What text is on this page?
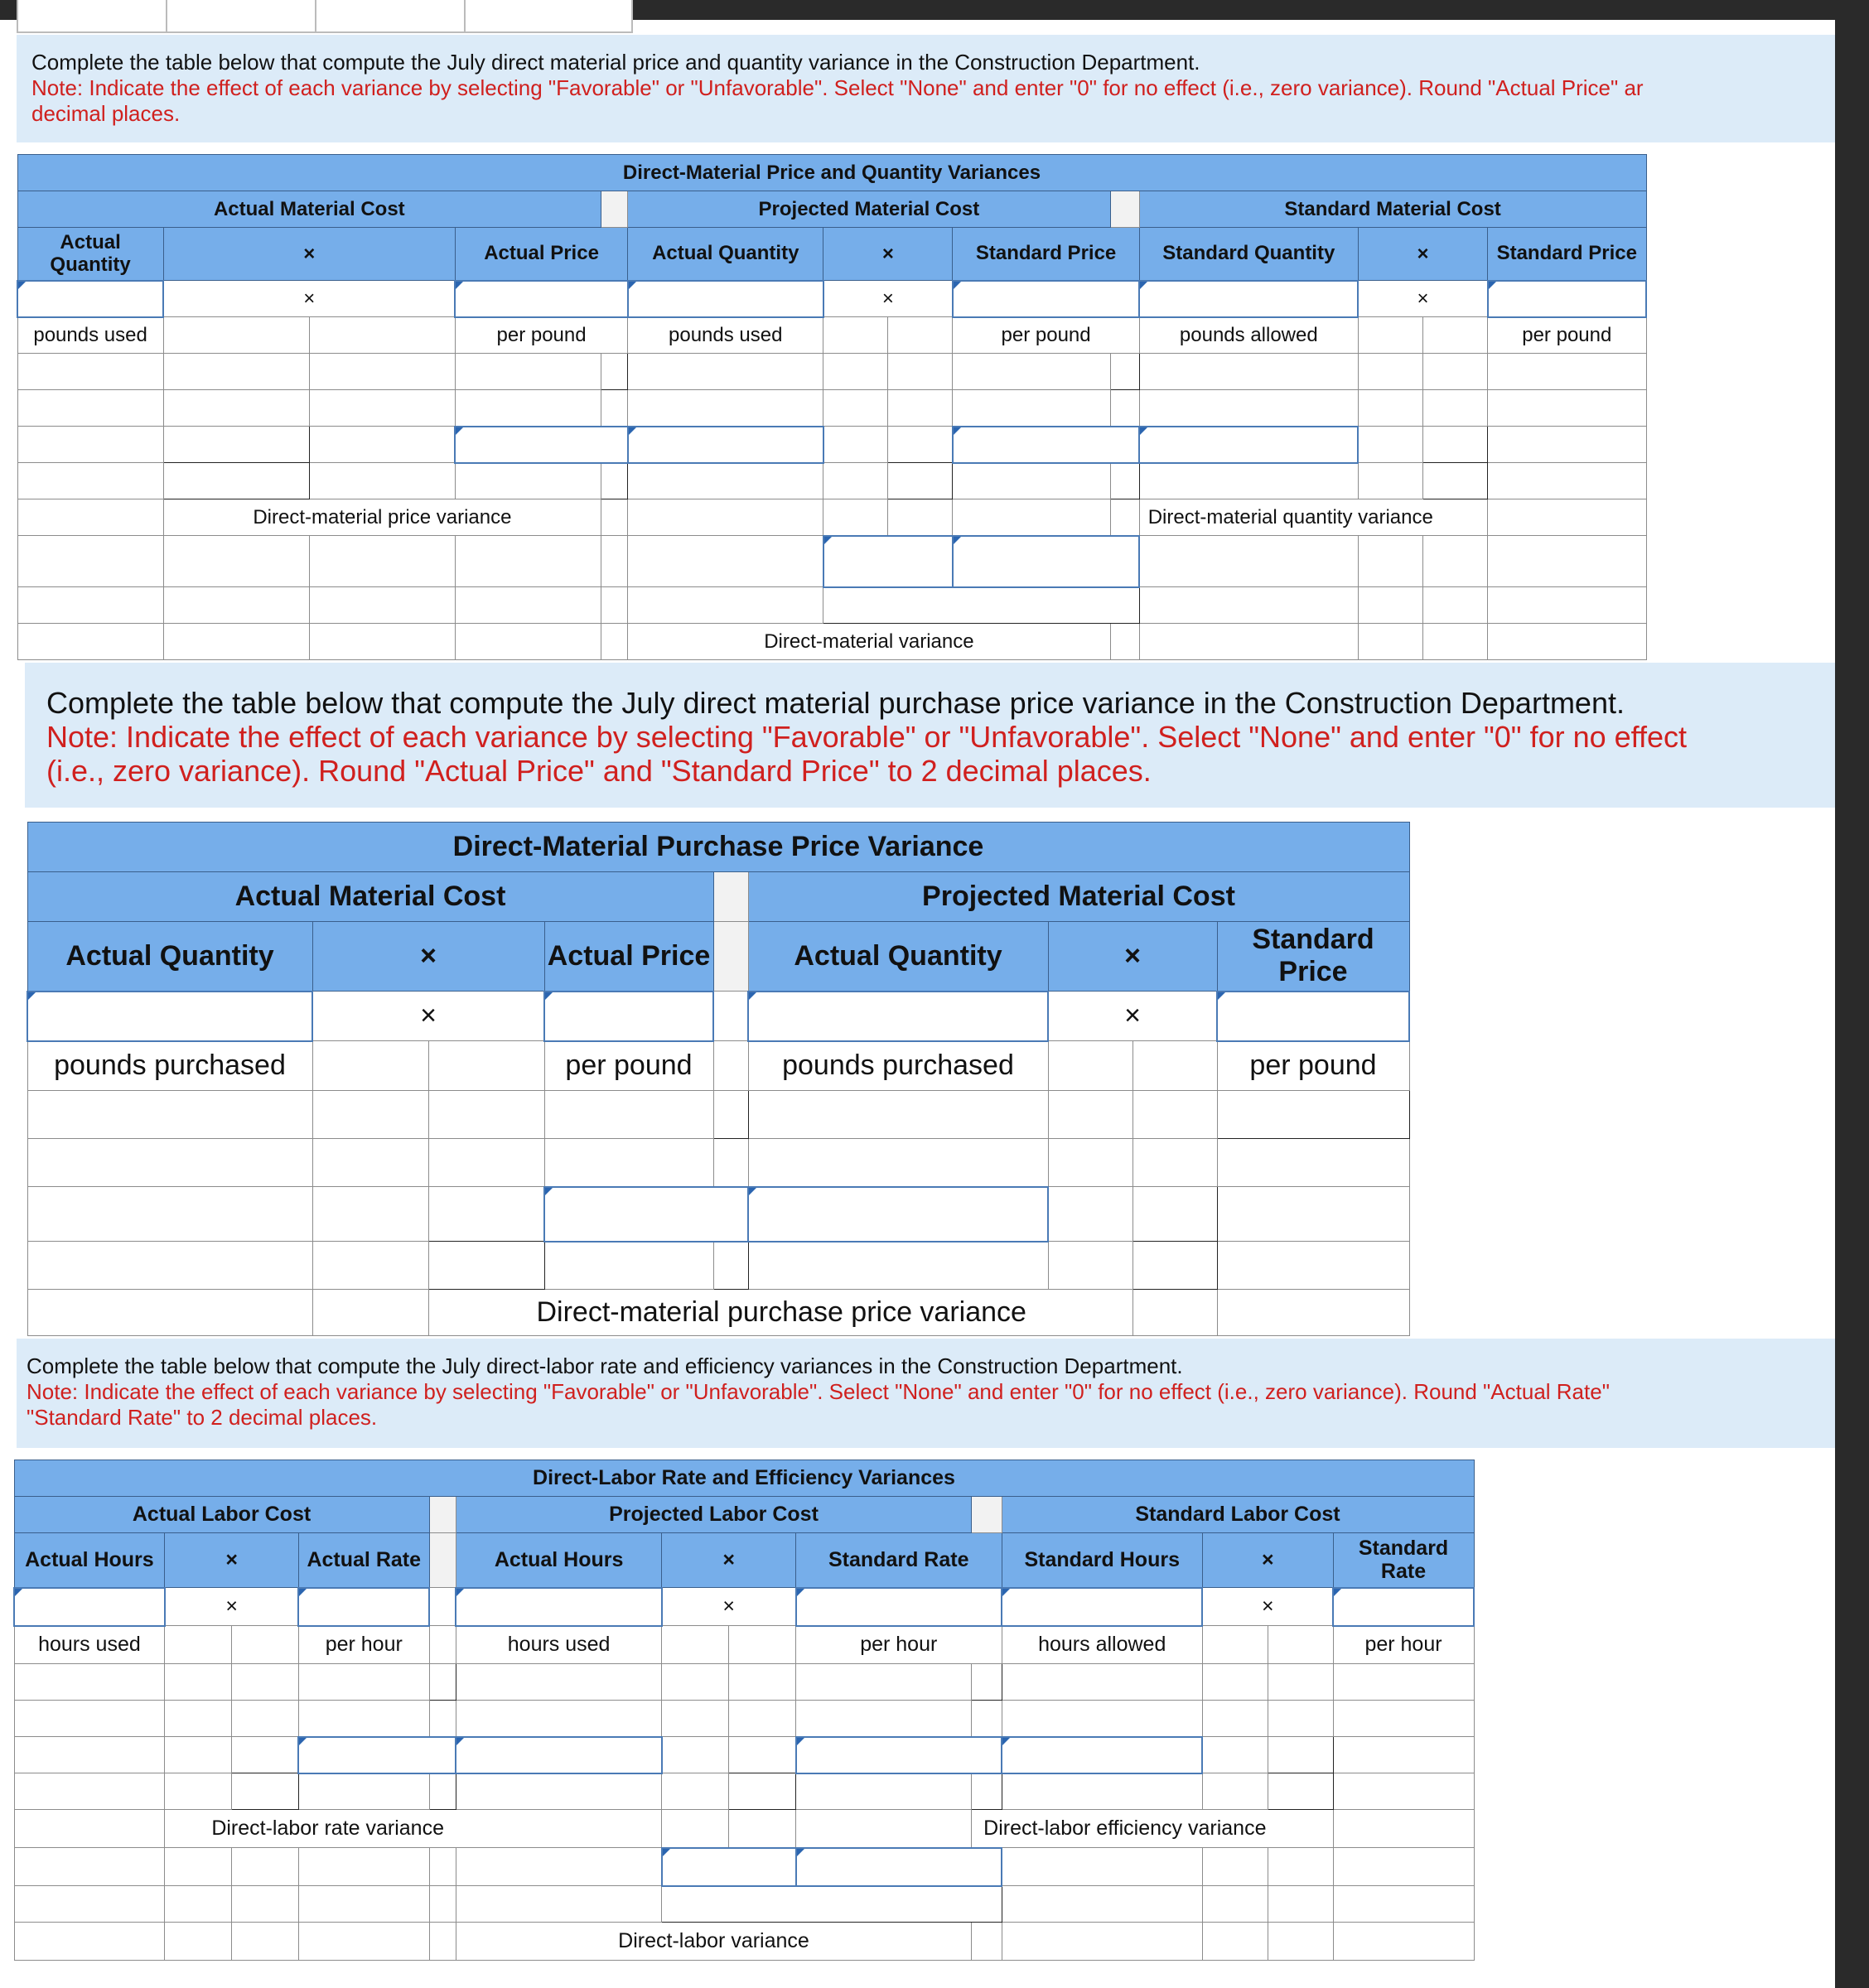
Complete the table below that compute the July direct material price and quantity variance in the Construction Department.
Note: Indicate the effect of each variance by selecting "Favorable" or "Unfavorable". Select "None" and enter "0" for no effect (i.e., zero variance). Round "Actual Price" ar
decimal places.
Direct-Material Price and Quantity Variances													
Actual Material Cost					Projected Material Cost					Standard Material Cost			
Actual Quantity	×		Actual Price		Actual Quantity	×		Standard Price		Standard Quantity	×		Standard Price
	×					×					×		
pounds used			per pound		pounds used			per pound		pounds allowed			per pound

	Direct-material price variance									Direct-material quantity variance			

					Direct-material variance								
Complete the table below that compute the July direct material purchase price variance in the Construction Department.
Note: Indicate the effect of each variance by selecting "Favorable" or "Unfavorable". Select "None" and enter "0" for no effect
(i.e., zero variance). Round "Actual Price" and "Standard Price" to 2 decimal places.
Direct-Material Purchase Price Variance								
Actual Material Cost					Projected Material Cost			
Actual Quantity	×		Actual Price		Actual Quantity	×		Standard Price
	×					×		
pounds purchased			per pound		pounds purchased			per pound

		Direct-material purchase price variance						
Complete the table below that compute the July direct-labor rate and efficiency variances in the Construction Department.
Note: Indicate the effect of each variance by selecting "Favorable" or "Unfavorable". Select "None" and enter "0" for no effect (i.e., zero variance). Round "Actual Rate"
"Standard Rate" to 2 decimal places.
Direct-Labor Rate and Efficiency Variances													
Actual Labor Cost					Projected Labor Cost					Standard Labor Cost			
Actual Hours	×		Actual Rate		Actual Hours	×		Standard Rate		Standard Hours	×		Standard Rate
	×					×					×		
hours used			per hour		hours used			per hour		hours allowed			per hour

	Direct-labor rate variance								Direct-labor efficiency variance				

					Direct-labor variance								
